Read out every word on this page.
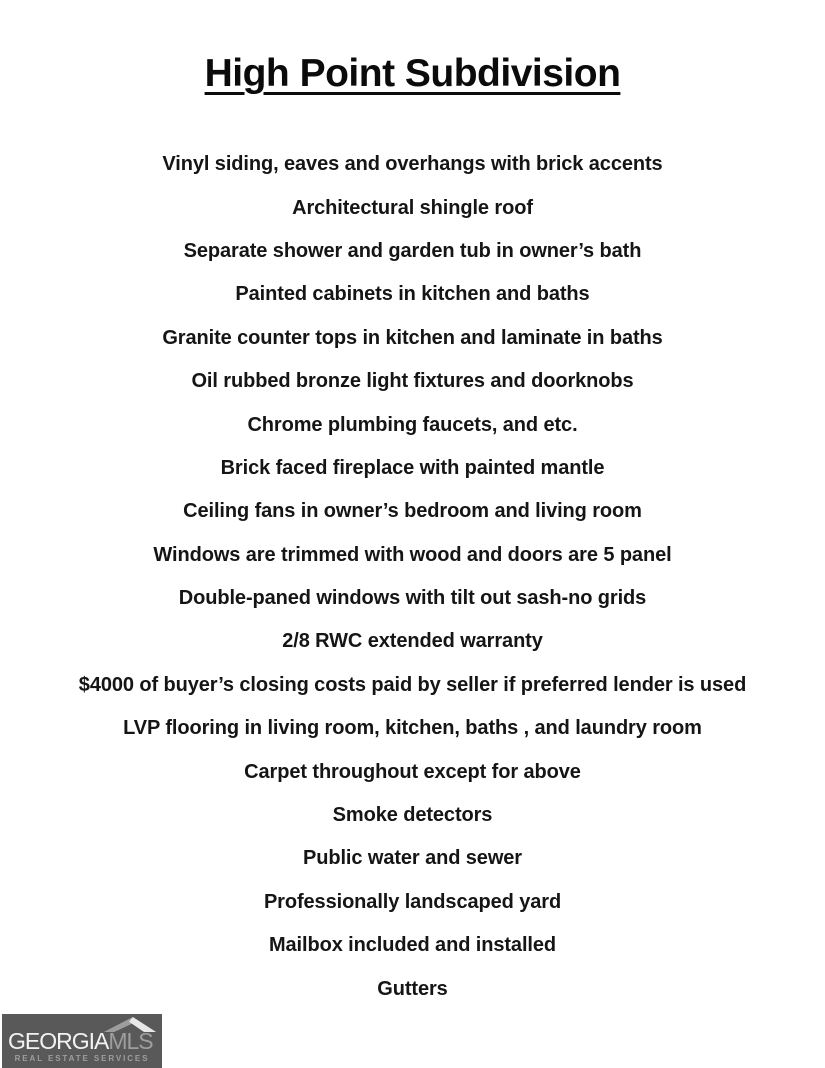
High Point Subdivision
Vinyl siding, eaves and overhangs with brick accents
Architectural shingle roof
Separate shower and garden tub in owner’s bath
Painted cabinets in kitchen and baths
Granite counter tops in kitchen and laminate in baths
Oil rubbed bronze light fixtures and doorknobs
Chrome plumbing faucets, and etc.
Brick faced fireplace with painted mantle
Ceiling fans in owner’s bedroom and living room
Windows are trimmed with wood and doors are 5 panel
Double-paned windows with tilt out sash-no grids
2/8 RWC extended warranty
$4000 of buyer’s closing costs paid by seller if preferred lender is used
LVP flooring in living room, kitchen, baths , and laundry room
Carpet throughout except for above
Smoke detectors
Public water and sewer
Professionally landscaped yard
Mailbox included and installed
Gutters
GEORGIAMLS
REAL ESTATE SERVICES
